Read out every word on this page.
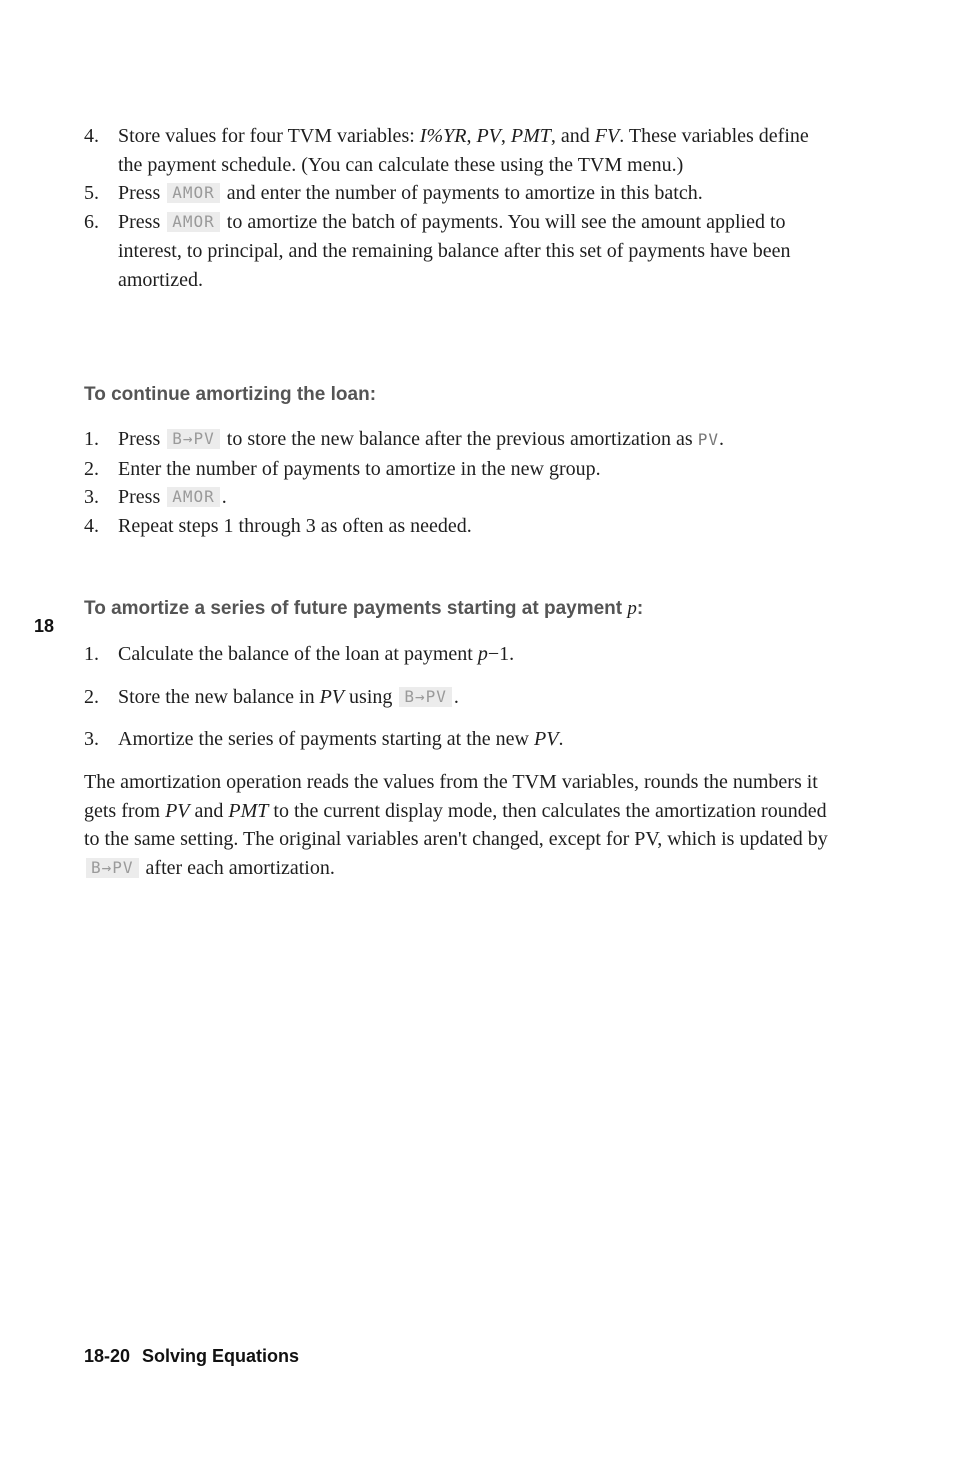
4. Store values for four TVM variables: I%YR, PV, PMT, and FV. These variables define the payment schedule. (You can calculate these using the TVM menu.)
5. Press AMOR and enter the number of payments to amortize in this batch.
6. Press AMOR to amortize the batch of payments. You will see the amount applied to interest, to principal, and the remaining balance after this set of payments have been amortized.
To continue amortizing the loan:
1. Press B→PV to store the new balance after the previous amortization as PV.
2. Enter the number of payments to amortize in the new group.
3. Press AMOR .
4. Repeat steps 1 through 3 as often as needed.
18
To amortize a series of future payments starting at payment p:
1. Calculate the balance of the loan at payment p−1.
2. Store the new balance in PV using B→PV .
3. Amortize the series of payments starting at the new PV.
The amortization operation reads the values from the TVM variables, rounds the numbers it gets from PV and PMT to the current display mode, then calculates the amortization rounded to the same setting. The original variables aren't changed, except for PV, which is updated by B→PV after each amortization.
18-20 Solving Equations
